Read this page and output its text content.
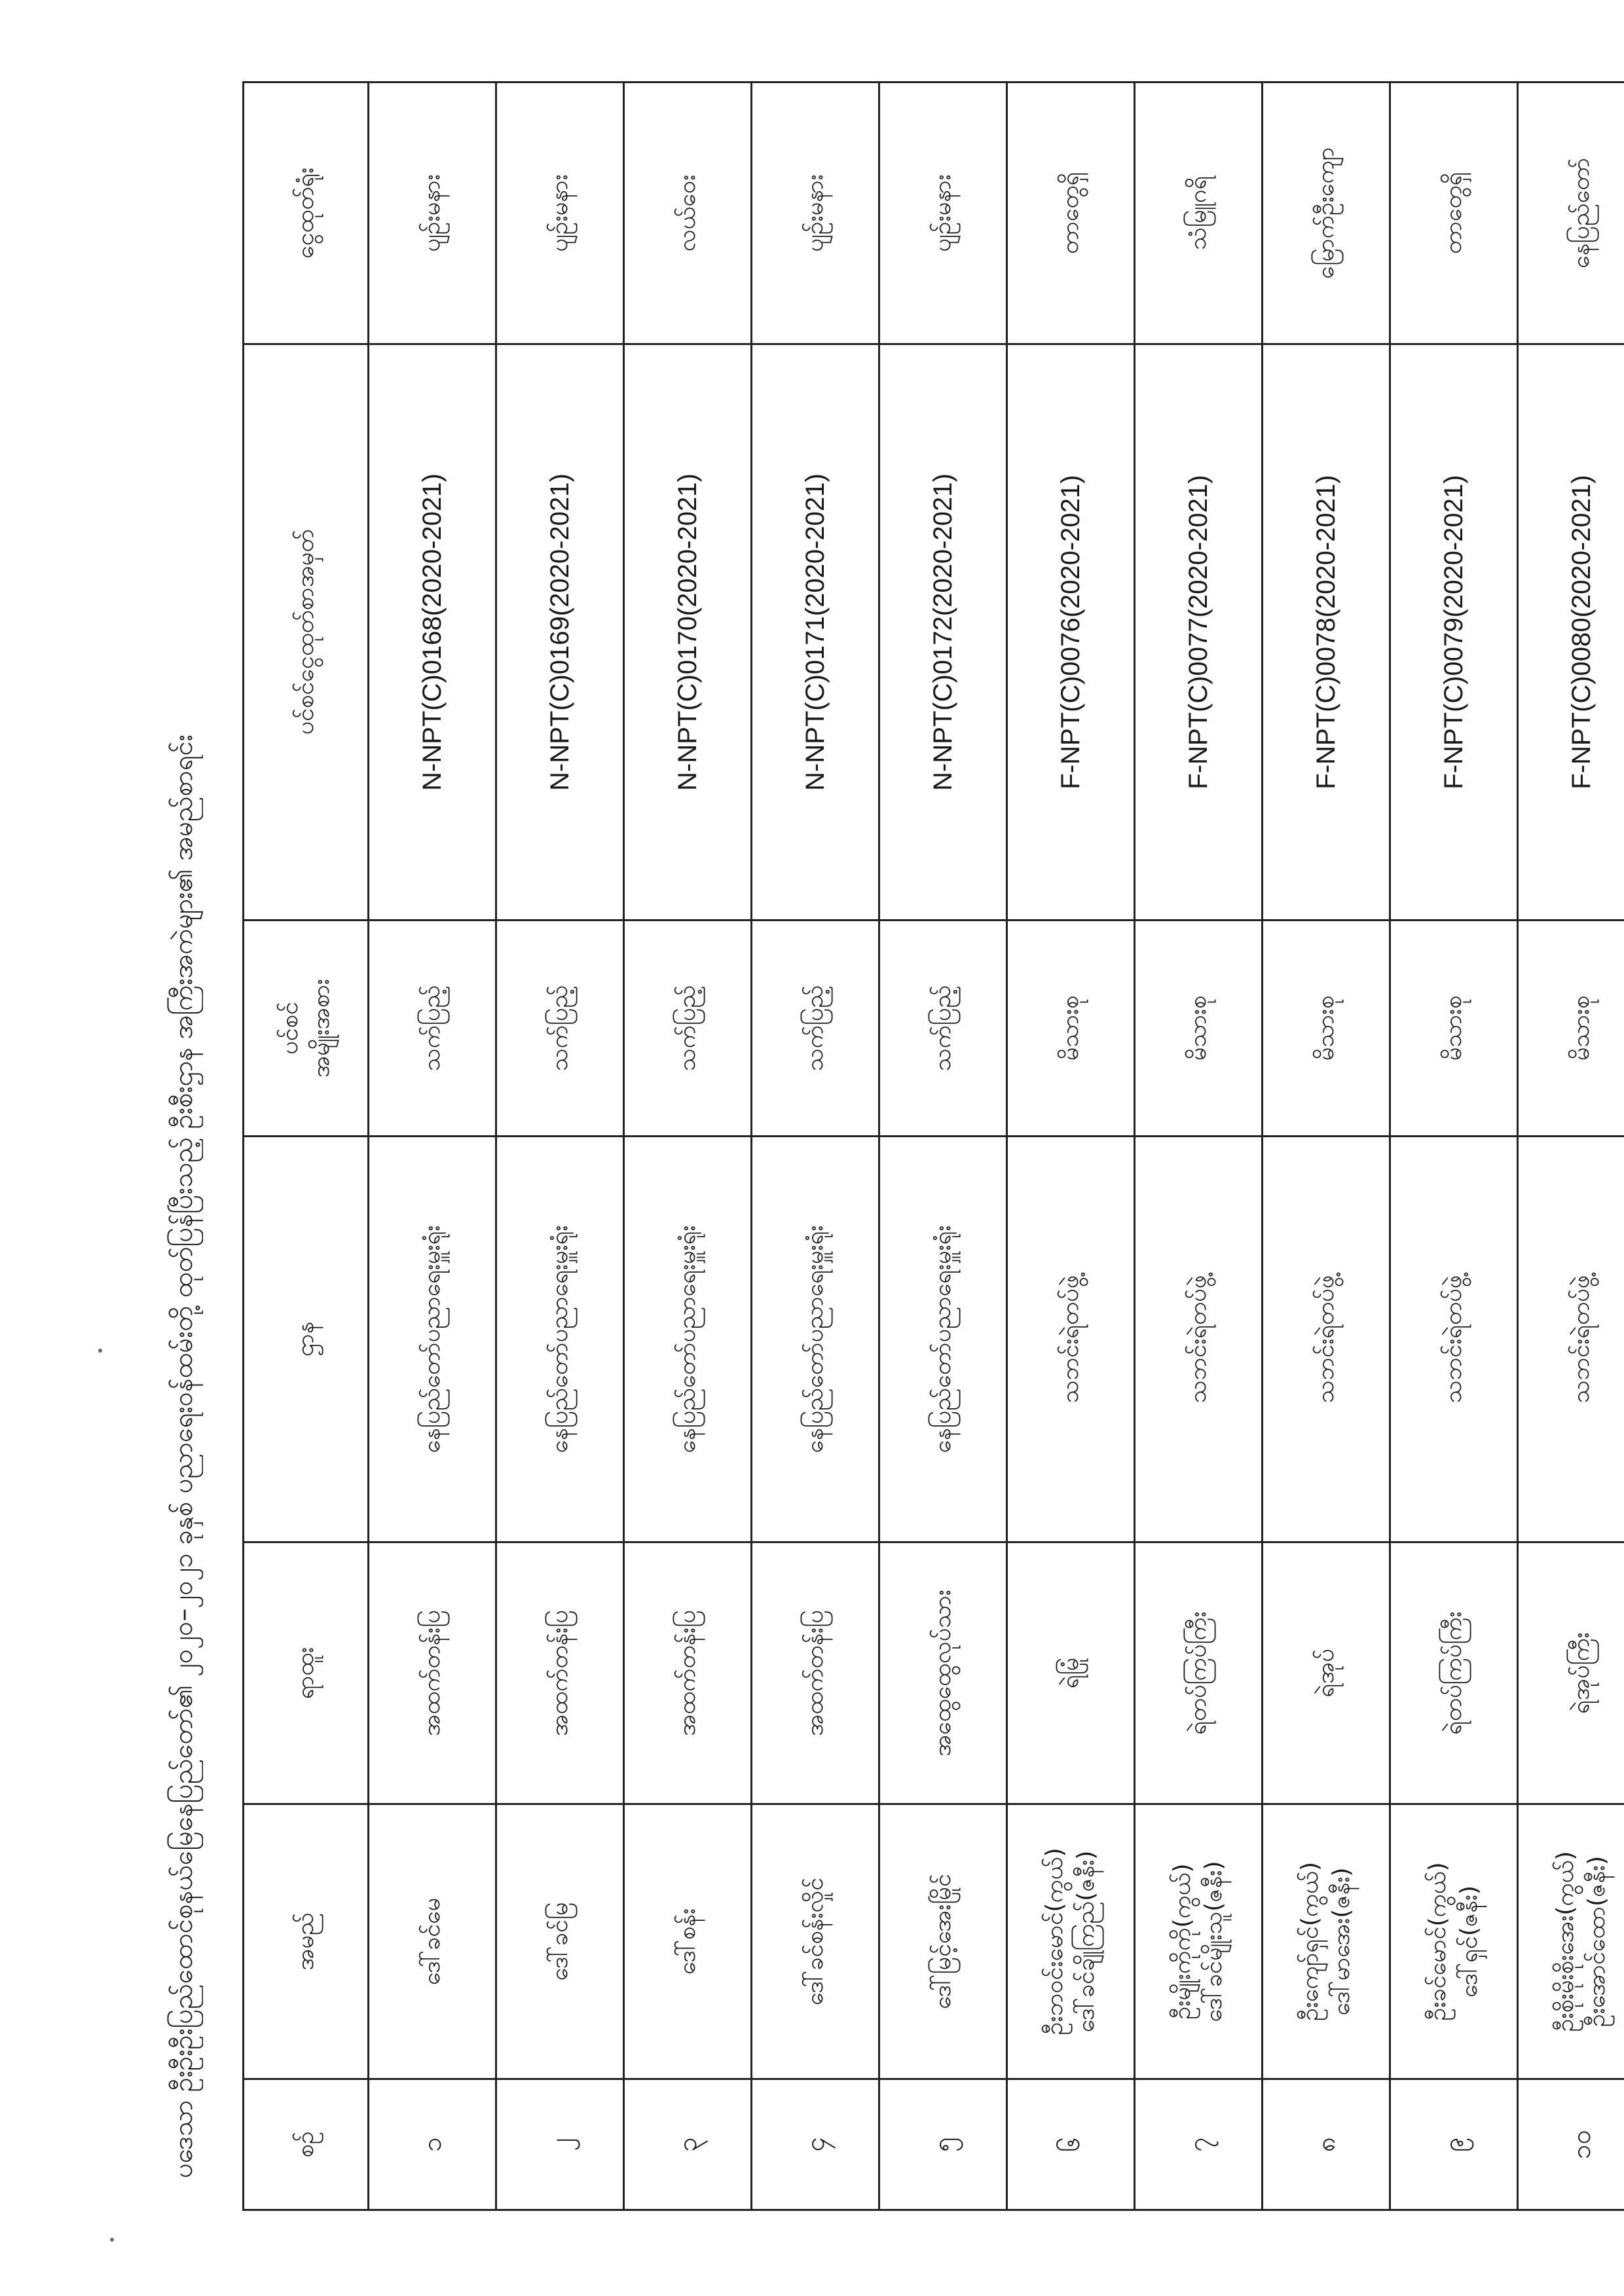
ပဒေသာ ဦးဦးဦးပြည်ထောင်စုနယ်မြေနေပြည်တော်၏ ၂၀၂၀–၂၀၂၁ ခုနှစ် ပညာရေးဝန်ထမ်းတို့ ထုတ်ပြန်ပြီးသည့် ဦးစီးဌာန အကြီးအကဲများ၏ အမည်စာရင်း	စဉ်	အမည်	ရာထူး	ဌာန	ပင်စင် အမျိုးအစား	ပင်စင်ငွေထုတ်စာအမှတ်	ငွေထုတ်ရုံး
၁	ဒေါ်ခင်မေ	အထက်တန်းပြ	နေပြည်တော်ပညာရေးမှူးရုံး	သက်ပြည့်	N-NPT(C)0168(2020-2021)	ပျဉ်းမနား
၂	ဒေါ်ခင်မြ	အထက်တန်းပြ	နေပြည်တော်ပညာရေးမှူးရုံး	သက်ပြည့်	N-NPT(C)0169(2020-2021)	ပျဉ်းမနား
၃	ဒေါ်စန်း	အထက်တန်းပြ	နေပြည်တော်ပညာရေးမှူးရုံး	သက်ပြည့်	N-NPT(C)0170(2020-2021)	လယ်ဝေး
၄	ဒေါ်ခင်စန်းလှိုင်	အထက်တန်းပြ	နေပြည်တော်ပညာရေးမှူးရုံး	သက်ပြည့်	N-NPT(C)0171(2020-2021)	ပျဉ်းမနား
၅	ဒေါ်မြင့်အေးမြိုင်	အထွေထွေလုပ်သား	နေပြည်တော်ပညာရေးမှူးရုံး	သက်ပြည့်	N-NPT(C)0172(2020-2021)	ပျဉ်းမနား
၆	ဦးဘဝင်းမောင်(ကွယ်) ဒေါ်ခင်ချိုကြည်(ဇနီး)	ရဲမြုံ	သဘင်းရဲတပ်ဖွဲ့	မိသားစု	F-NPT(C)0076(2020-2021)	တာတွေရှိ
၇	ဦးမျိုးကိုကို(ကွယ်) ဒေါ်ခင်မျိုးသူ(ဇနီး)	ရဲတပ်ကြပ်ကြီး	သဘင်းရဲတပ်ဖွဲ့	မိသားစု	F-NPT(C)0077(2020-2021)	သံမြူဂရိ
၈	ဦးကျော်ရှင်(ကွယ်) ဒေါ်မာအေး(ဇနီး)	ရဲအုပ်	သဘင်းရဲတပ်ဖွဲ့	မိသားစု	F-NPT(C)0078(2020-2021)	မြောက်ဦးကျော
၉	ဦးခင်မောင်(ကွယ်) ဒေါ်ရှင်(ဇနီး)	ရဲတပ်ကြပ်ကြီး	သဘင်းရဲတပ်ဖွဲ့	မိသားစု	F-NPT(C)0079(2020-2021)	တာတွေရှိ
၁၀	ဦးစိုးမိုးစိုးအေး(ကွယ်) ဦးအောင်ထော(ဇနီး)	ရဲအုပ်ကြီး	သဘင်းရဲတပ်ဖွဲ့	မိသားစု	F-NPT(C)0080(2020-2021)	နေပြည်တော်
